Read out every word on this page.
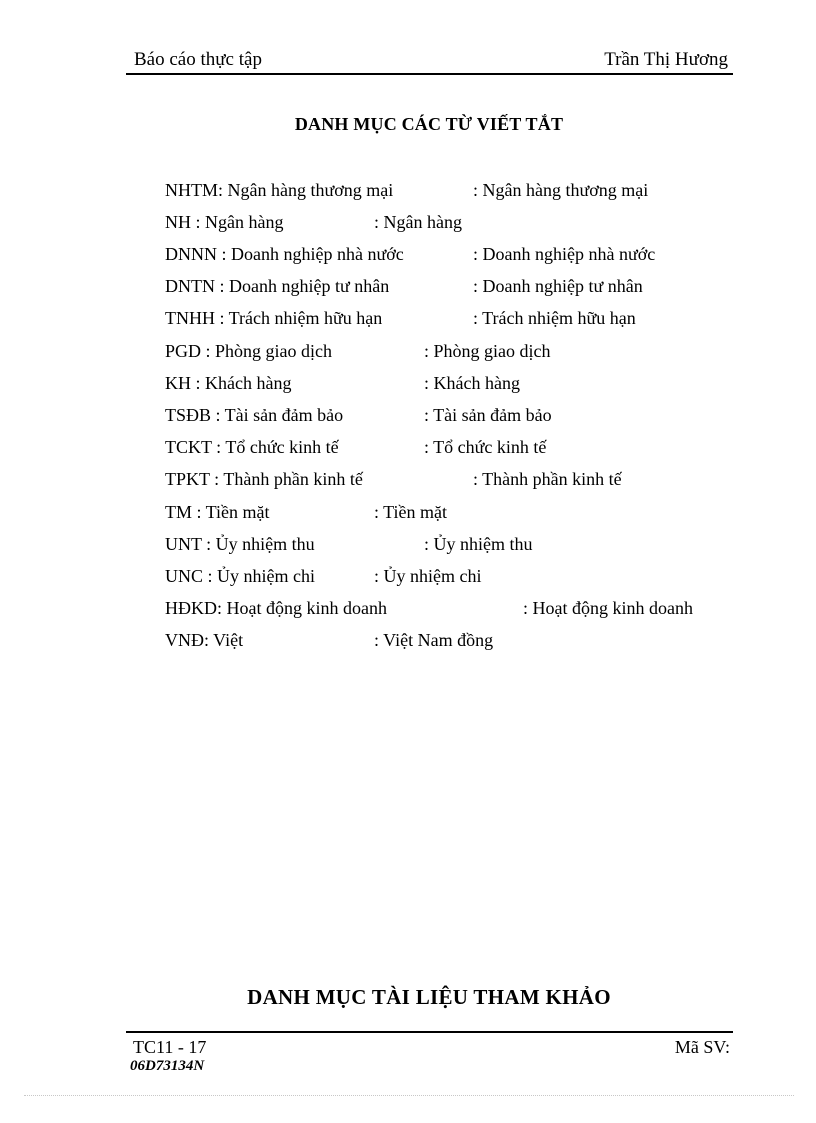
Báo cáo thực tập	Trần Thị Hương
DANH MỤC CÁC TỪ VIẾT TẮT
NHTM: Ngân hàng thương mại	: Ngân hàng thương mại
NH : Ngân hàng	: Ngân hàng
DNNN : Doanh nghiệp nhà nước	: Doanh nghiệp nhà nước
DNTN : Doanh nghiệp tư nhân	: Doanh nghiệp tư nhân
TNHH : Trách nhiệm hữu hạn	: Trách nhiệm hữu hạn
PGD : Phòng giao dịch	: Phòng giao dịch
KH : Khách hàng	: Khách hàng
TSĐB : Tài sản đảm bảo	: Tài sản đảm bảo
TCKT : Tổ chức kinh tế	: Tổ chức kinh tế
TPKT : Thành phần kinh tế	: Thành phần kinh tế
TM : Tiền mặt	: Tiền mặt
UNT : Ủy nhiệm thu	: Ủy nhiệm thu
UNC : Ủy nhiệm chi	: Ủy nhiệm chi
HĐKD: Hoạt động kinh doanh	: Hoạt động kinh doanh
VNĐ: Việt	: Việt Nam đồng
DANH MỤC TÀI LIỆU THAM KHẢO
TC11 - 17	Mã SV:
06D73134N
